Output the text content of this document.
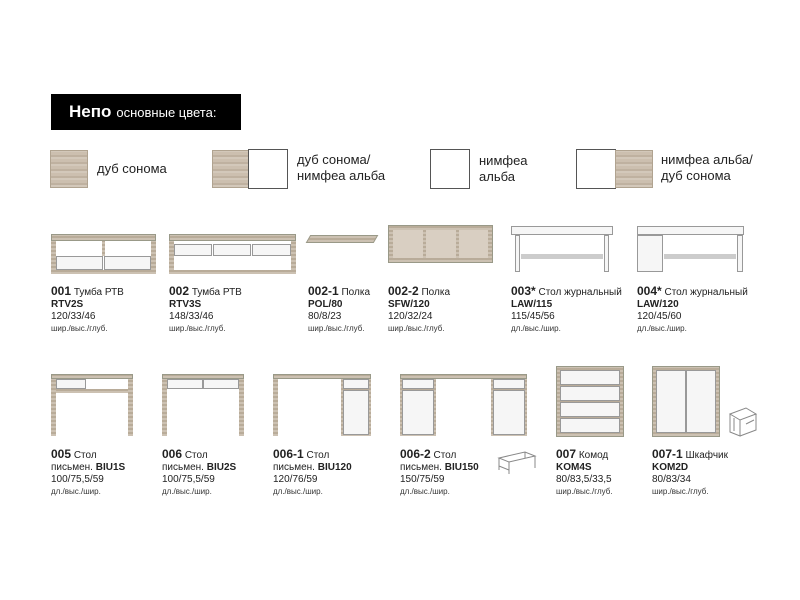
Непо основные цвета:
дуб сонома
дуб сонома/
нимфеа альба
нимфеа
альба
нимфеа альба/
дуб сонома
001 Тумба РТВ
RTV2S
120/33/46
шир./выс./глуб.
002 Тумба РТВ
RTV3S
148/33/46
шир./выс./глуб.
002-1 Полка
POL/80
80/8/23
шир./выс./глуб.
002-2 Полка
SFW/120
120/32/24
шир./выс./глуб.
003* Стол журнальный
LAW/115
115/45/56
дл./выс./шир.
004* Стол журнальный
LAW/120
120/45/60
дл./выс./шир.
005 Стол
письмен. BIU1S
100/75,5/59
дл./выс./шир.
006 Стол
письмен. BIU2S
100/75,5/59
дл./выс./шир.
006-1 Стол
письмен. BIU120
120/76/59
дл./выс./шир.
006-2 Стол
письмен. BIU150
150/75/59
дл./выс./шир.
007 Комод
KOM4S
80/83,5/33,5
шир./выс./глуб.
007-1 Шкафчик
KOM2D
80/83/34
шир./выс./глуб.
